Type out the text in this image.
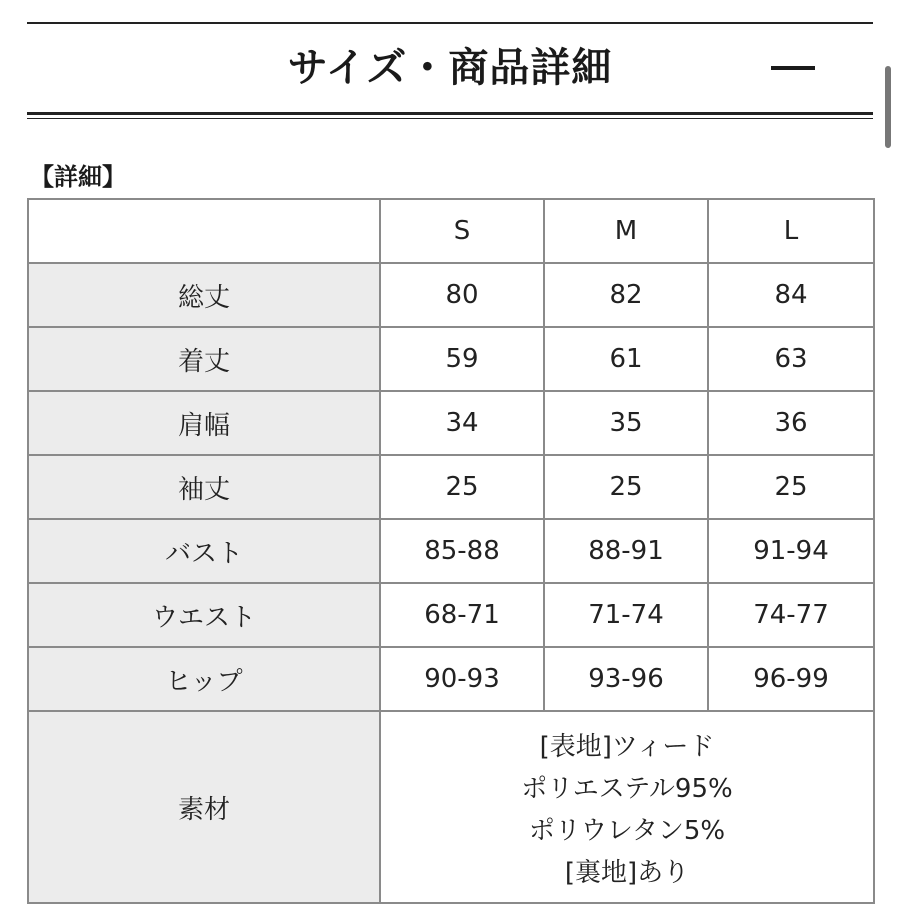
サイズ・商品詳細
【詳細】
	S	M	L
総丈	80	82	84
着丈	59	61	63
肩幅	34	35	36
袖丈	25	25	25
バスト	85-88	88-91	91-94
ウエスト	68-71	71-74	74-77
ヒップ	90-93	93-96	96-99
素材	[表地]ツィード
ポリエステル95%
ポリウレタン5%
[裏地]あり		
